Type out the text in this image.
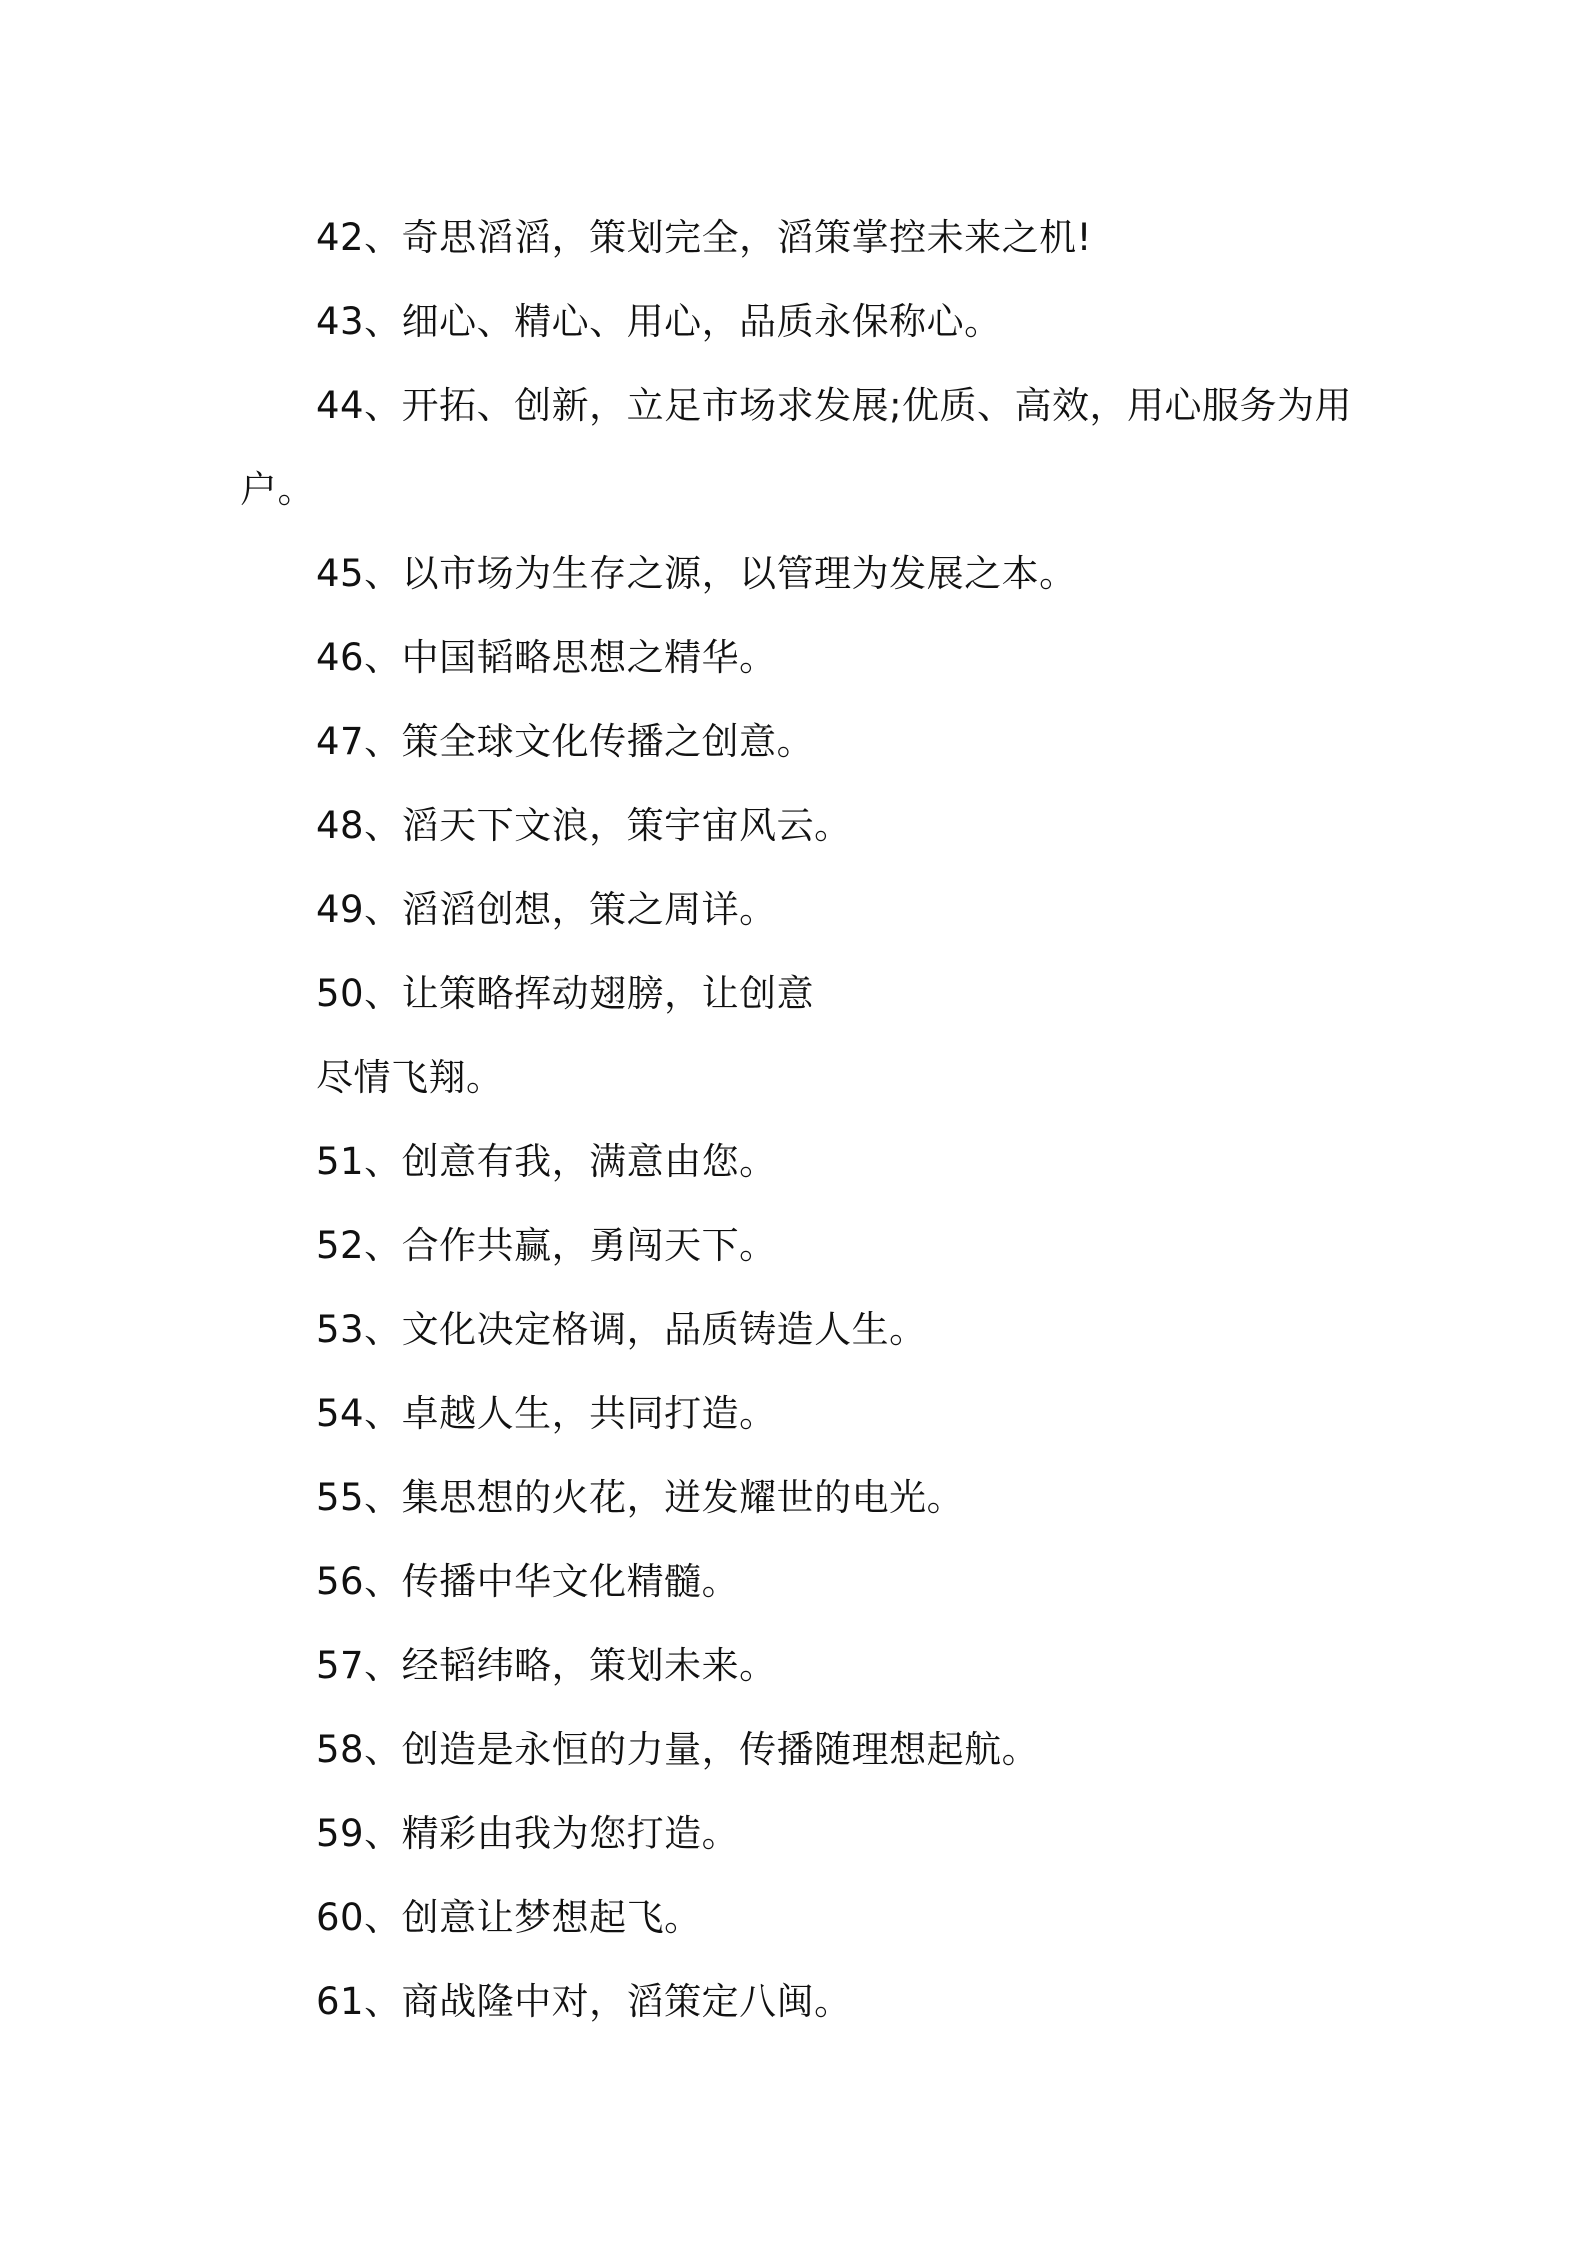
42、奇思滔滔，策划完全，滔策掌控未来之机!
43、细心、精心、用心，品质永保称心。
44、开拓、创新，立足市场求发展;优质、高效，用心服务为用
户。
45、以市场为生存之源，以管理为发展之本。
46、中国韬略思想之精华。
47、策全球文化传播之创意。
48、滔天下文浪，策宇宙风云。
49、滔滔创想，策之周详。
50、让策略挥动翅膀，让创意
尽情飞翔。
51、创意有我，满意由您。
52、合作共赢，勇闯天下。
53、文化决定格调，品质铸造人生。
54、卓越人生，共同打造。
55、集思想的火花，迸发耀世的电光。
56、传播中华文化精髓。
57、经韬纬略，策划未来。
58、创造是永恒的力量，传播随理想起航。
59、精彩由我为您打造。
60、创意让梦想起飞。
61、商战隆中对，滔策定八闽。
